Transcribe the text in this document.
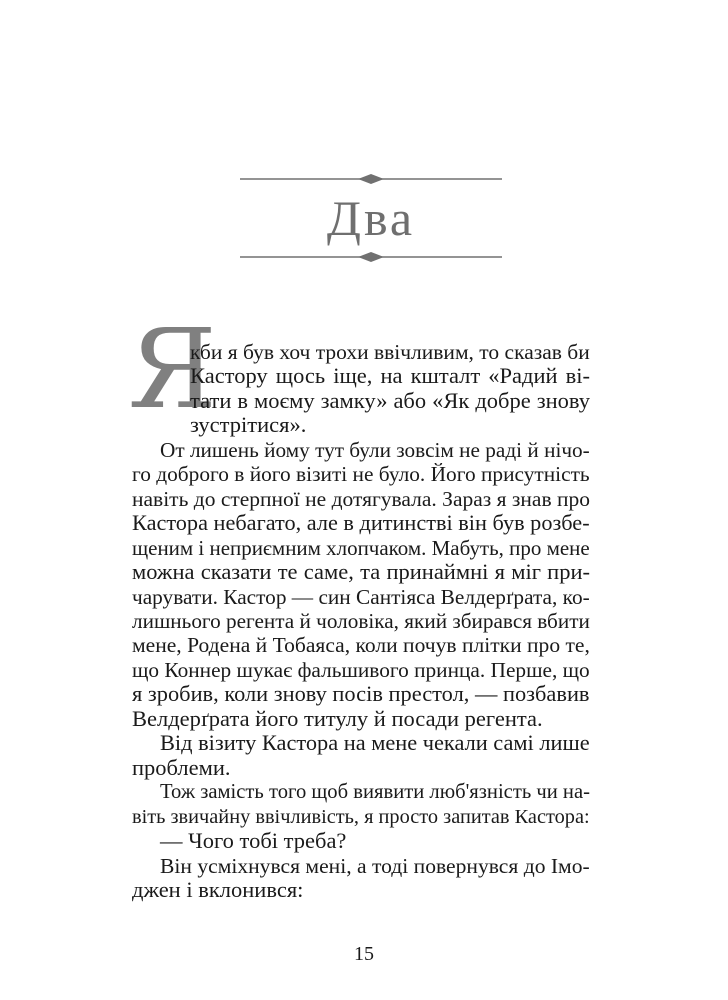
Два
Я

кби я був хоч трохи ввічливим, то сказав би

Кастору щось іще, на кшталт «Радий ві-

тати в моєму замку» або «Як добре знову

зустрітися».

От лишень йому тут були зовсім не раді й нічо-

го доброго в його візиті не було. Його присутність

навіть до стерпної не дотягувала. Зараз я знав про

Кастора небагато, але в дитинстві він був розбе-

щеним і неприємним хлопчаком. Мабуть, про мене

можна сказати те саме, та принаймні я міг при-

чарувати. Кастор — син Сантіяса Велдерґрата, ко-

лишнього регента й чоловіка, який збирався вбити

мене, Родена й Тобаяса, коли почув плітки про те,

що Коннер шукає фальшивого принца. Перше, що

я зробив, коли знову посів престол, — позбавив

Велдерґрата його титулу й посади регента.

Від візиту Кастора на мене чекали самі лише

проблеми.

Тож замість того щоб виявити люб'язність чи на-

віть звичайну ввічливість, я просто запитав Кастора:

— Чого тобі треба?

Він усміхнувся мені, а тоді повернувся до Імо-

джен і вклонився:

15
